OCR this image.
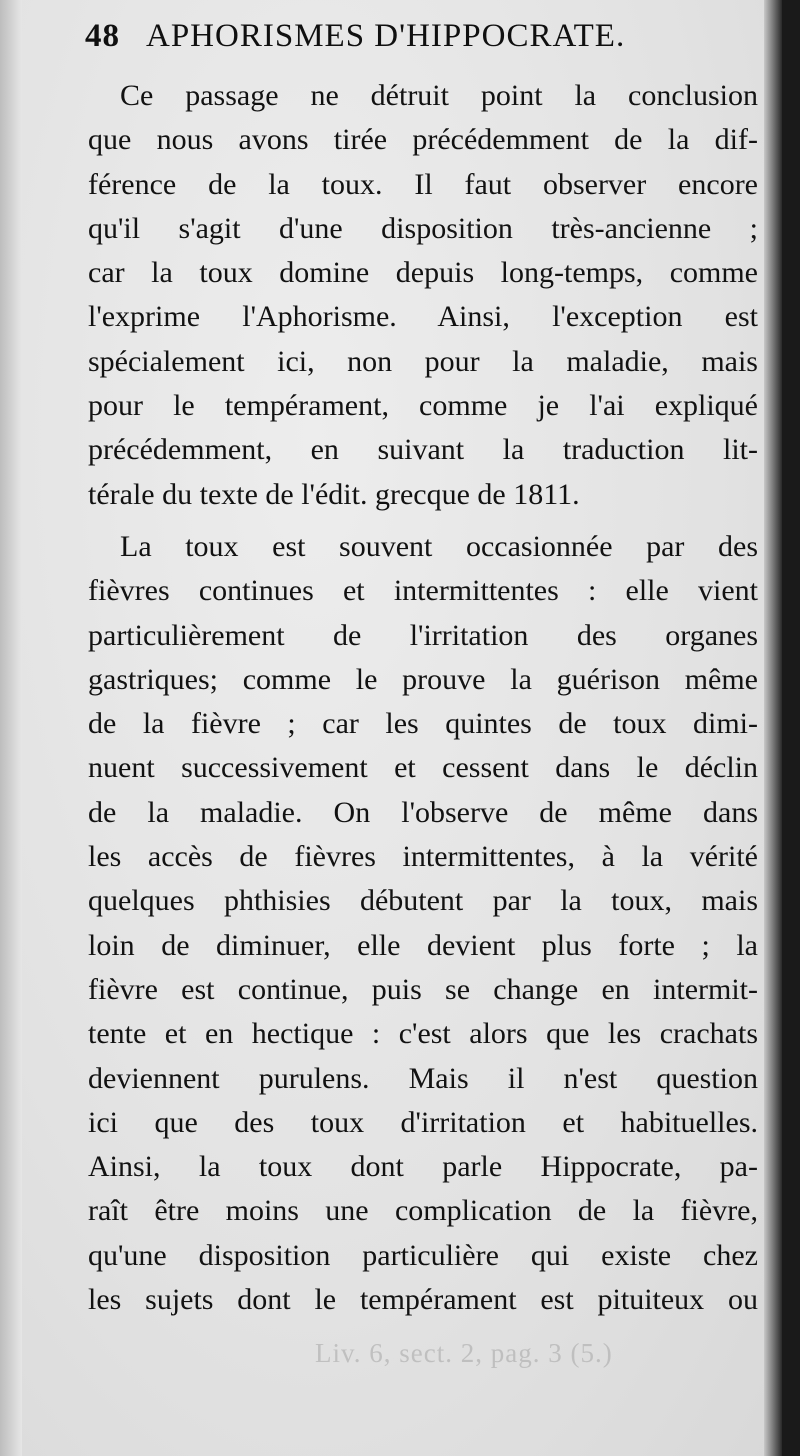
48 APHORISMES D'HIPPOCRATE.
Liv. 6, sect. 2, pag. 3 (5.)
Ce passage ne détruit point la conclusion
que nous avons tirée précédemment de la dif-
férence de la toux. Il faut observer encore
qu'il s'agit d'une disposition très-ancienne ;
car la toux domine depuis long-temps, comme
l'exprime l'Aphorisme. Ainsi, l'exception est
spécialement ici, non pour la maladie, mais
pour le tempérament, comme je l'ai expliqué
précédemment, en suivant la traduction lit-
térale du texte de l'édit. grecque de 1811.
La toux est souvent occasionnée par des
fièvres continues et intermittentes : elle vient
particulièrement de l'irritation des organes
gastriques; comme le prouve la guérison même
de la fièvre ; car les quintes de toux dimi-
nuent successivement et cessent dans le déclin
de la maladie. On l'observe de même dans
les accès de fièvres intermittentes, à la vérité
quelques phthisies débutent par la toux, mais
loin de diminuer, elle devient plus forte ; la
fièvre est continue, puis se change en intermit-
tente et en hectique : c'est alors que les crachats
deviennent purulens. Mais il n'est question
ici que des toux d'irritation et habituelles.
Ainsi, la toux dont parle Hippocrate, pa-
raît être moins une complication de la fièvre,
qu'une disposition particulière qui existe chez
les sujets dont le tempérament est pituiteux ou
